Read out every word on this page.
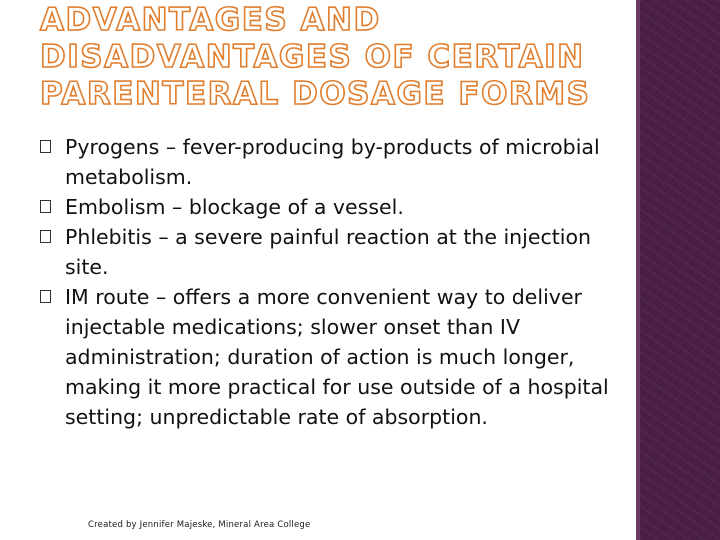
ADVANTAGES AND DISADVANTAGES OF CERTAIN PARENTERAL DOSAGE FORMS
Pyrogens – fever-producing by-products of microbial metabolism.
Embolism – blockage of a vessel.
Phlebitis – a severe painful reaction at the injection site.
IM route – offers a more convenient way to deliver injectable medications; slower onset than IV administration; duration of action is much longer, making it more practical for use outside of a hospital setting; unpredictable rate of absorption.
Created by Jennifer Majeske, Mineral Area College
